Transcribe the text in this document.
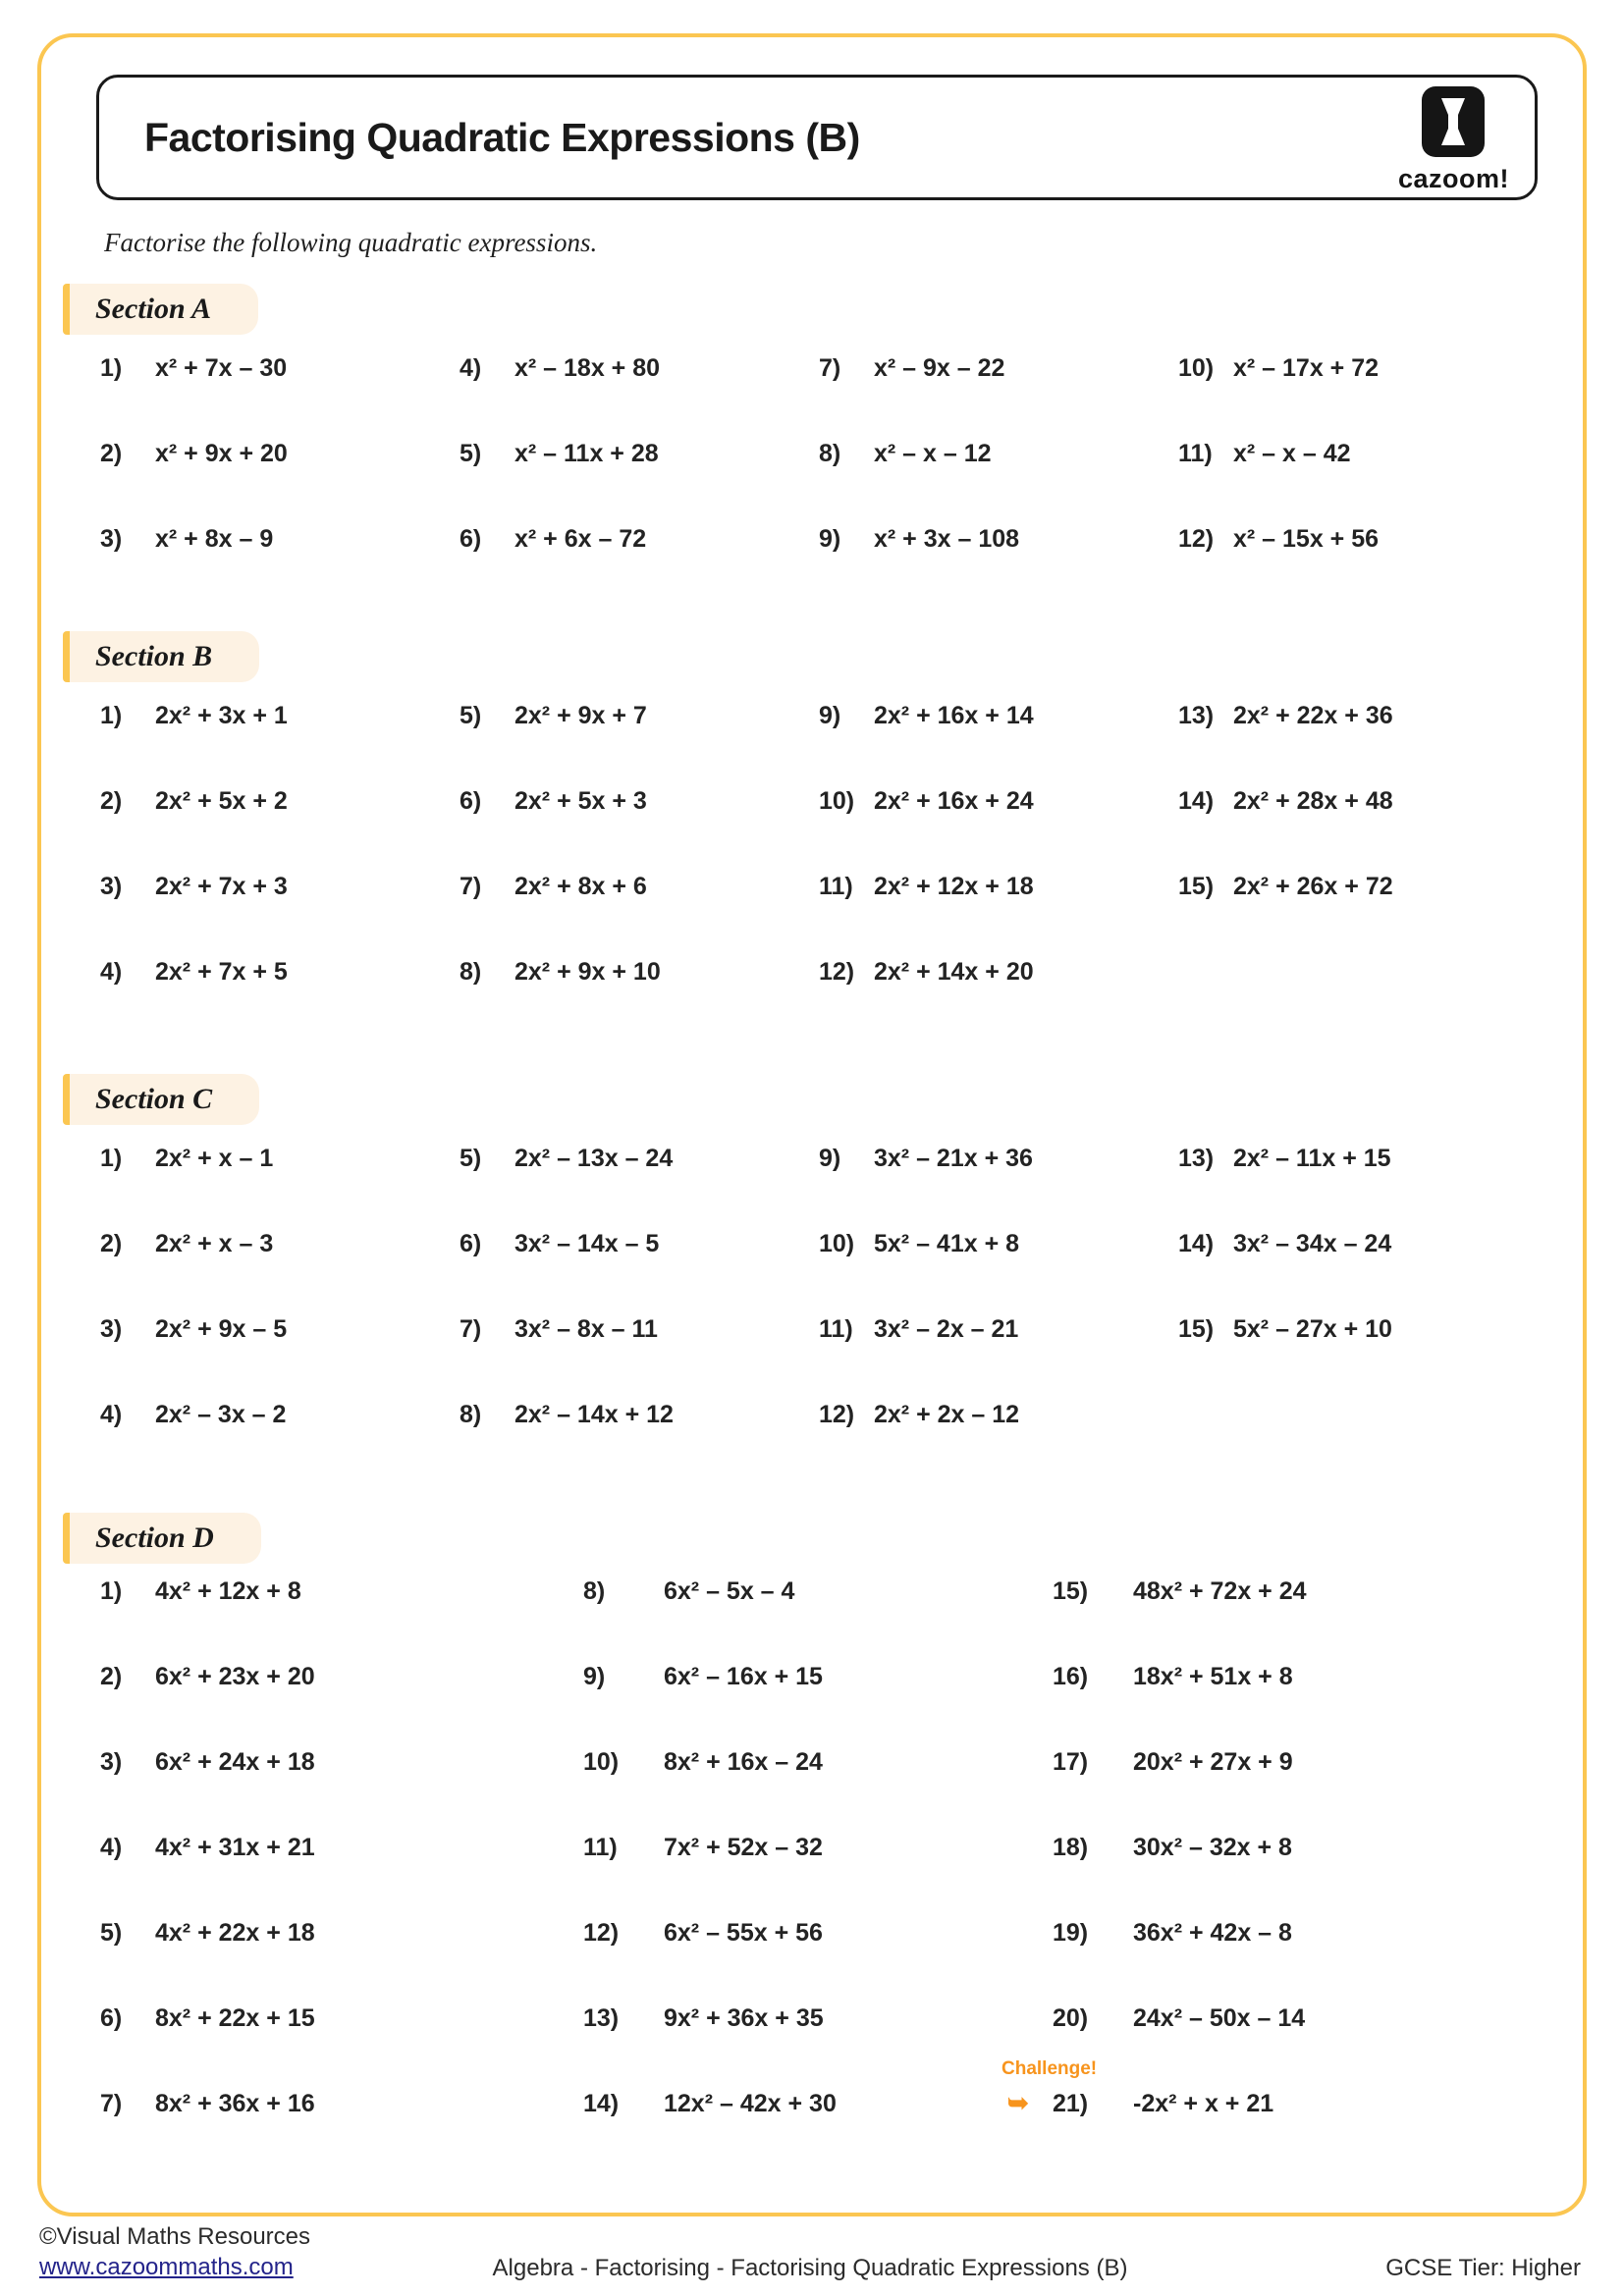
Factorising Quadratic Expressions (B)
cazoom!

Factorise the following quadratic expressions.

Section A
1)	x² + 7x – 30
2)	x² + 9x + 20
3)	x² + 8x – 9
4)	x² – 18x + 80
5)	x² – 11x + 28
6)	x² + 6x – 72
7)	x² – 9x – 22
8)	x² – x – 12
9)	x² + 3x – 108
10) x² – 17x + 72
11) x² – x – 42
12) x² – 15x + 56
Section B
1)	2x² + 3x + 1
2)	2x² + 5x + 2
3)	2x² + 7x + 3
4)	2x² + 7x + 5
5)	2x² + 9x + 7
6)	2x² + 5x + 3
7)	2x² + 8x + 6
8)	2x² + 9x + 10
9)	2x² + 16x + 14
10) 2x² + 16x + 24
11) 2x² + 12x + 18
12) 2x² + 14x + 20
13) 2x² + 22x + 36
14) 2x² + 28x + 48
15) 2x² + 26x + 72
Section C
1)	2x² + x – 1
2)	2x² + x – 3
3)	2x² + 9x – 5
4)	2x² – 3x – 2
5)	2x² – 13x – 24
6)	3x² – 14x – 5
7)	3x² – 8x – 11
8)	2x² – 14x + 12
9)	3x² – 21x + 36
10) 5x² – 41x + 8
11) 3x² – 2x – 21
12) 2x² + 2x – 12
13) 2x² – 11x + 15
14) 3x² – 34x – 24
15) 5x² – 27x + 10
Section D
1)	4x² + 12x + 8
2)	6x² + 23x + 20
3)	6x² + 24x + 18
4)	4x² + 31x + 21
5)	4x² + 22x + 18
6)	8x² + 22x + 15
7)	8x² + 36x + 16
8)	6x² – 5x – 4
9)	6x² – 16x + 15
10)	8x² + 16x – 24
11)	7x² + 52x – 32
12)	6x² – 55x + 56
13)	9x² + 36x + 35
14)	12x² – 42x + 30
15)	48x² + 72x + 24
16)	18x² + 51x + 8
17)	20x² + 27x + 9
18)	30x² – 32x + 8
19)	36x² + 42x – 8
20)	24x² – 50x – 14
Challenge!
➥ 21)	-2x² + x + 21
©Visual Maths Resources
www.cazoommaths.com	Algebra - Factorising - Factorising Quadratic Expressions (B)	GCSE Tier: Higher
